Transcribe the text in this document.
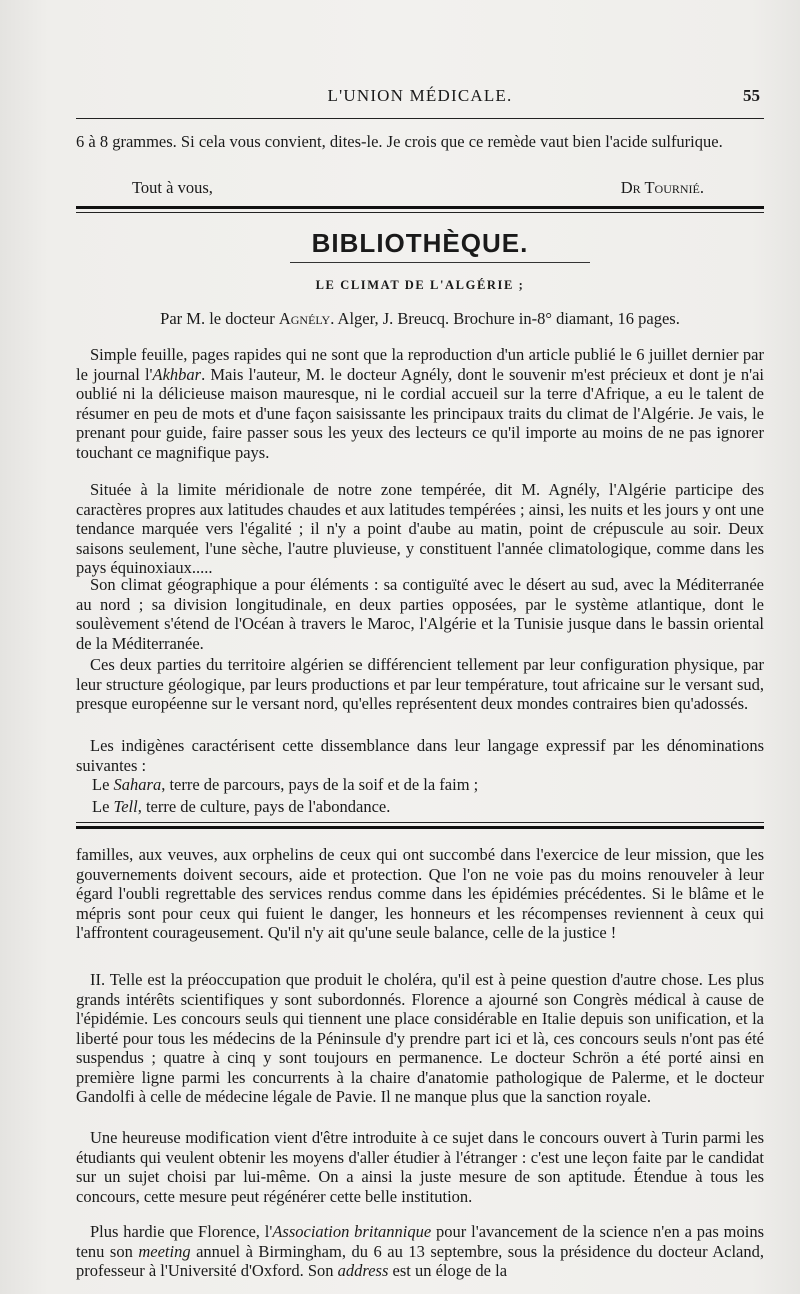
L'UNION MÉDICALE.	55

6 à 8 grammes. Si cela vous convient, dites-le. Je crois que ce remède vaut bien l'acide sulfurique.

Tout à vous,	Dr Tournié.
BIBLIOTHÈQUE.
LE CLIMAT DE L'ALGÉRIE ;
Par M. le docteur Agnély. Alger, J. Breucq. Brochure in-8° diamant, 16 pages.

Simple feuille, pages rapides qui ne sont que la reproduction d'un article publié le 6 juillet dernier par le journal l'Akhbar. Mais l'auteur, M. le docteur Agnély, dont le souvenir m'est précieux et dont je n'ai oublié ni la délicieuse maison mauresque, ni le cordial accueil sur la terre d'Afrique, a eu le talent de résumer en peu de mots et d'une façon saisissante les principaux traits du climat de l'Algérie. Je vais, le prenant pour guide, faire passer sous les yeux des lecteurs ce qu'il importe au moins de ne pas ignorer touchant ce magnifique pays.

Située à la limite méridionale de notre zone tempérée, dit M. Agnély, l'Algérie participe des caractères propres aux latitudes chaudes et aux latitudes tempérées ; ainsi, les nuits et les jours y ont une tendance marquée vers l'égalité ; il n'y a point d'aube au matin, point de crépuscule au soir. Deux saisons seulement, l'une sèche, l'autre pluvieuse, y constituent l'année climatologique, comme dans les pays équinoxiaux.....

Son climat géographique a pour éléments : sa contiguïté avec le désert au sud, avec la Méditerranée au nord ; sa division longitudinale, en deux parties opposées, par le système atlantique, dont le soulèvement s'étend de l'Océan à travers le Maroc, l'Algérie et la Tunisie jusque dans le bassin oriental de la Méditerranée.

Ces deux parties du territoire algérien se différencient tellement par leur configuration physique, par leur structure géologique, par leurs productions et par leur température, tout africaine sur le versant sud, presque européenne sur le versant nord, qu'elles représentent deux mondes contraires bien qu'adossés.

Les indigènes caractérisent cette dissemblance dans leur langage expressif par les dénominations suivantes :

Le Sahara, terre de parcours, pays de la soif et de la faim ;
Le Tell, terre de culture, pays de l'abondance.

familles, aux veuves, aux orphelins de ceux qui ont succombé dans l'exercice de leur mission, que les gouvernements doivent secours, aide et protection. Que l'on ne voie pas du moins renouveler à leur égard l'oubli regrettable des services rendus comme dans les épidémies précédentes. Si le blâme et le mépris sont pour ceux qui fuient le danger, les honneurs et les récompenses reviennent à ceux qui l'affrontent courageusement. Qu'il n'y ait qu'une seule balance, celle de la justice !

II. Telle est la préoccupation que produit le choléra, qu'il est à peine question d'autre chose. Les plus grands intérêts scientifiques y sont subordonnés. Florence a ajourné son Congrès médical à cause de l'épidémie. Les concours seuls qui tiennent une place considérable en Italie depuis son unification, et la liberté pour tous les médecins de la Péninsule d'y prendre part ici et là, ces concours seuls n'ont pas été suspendus ; quatre à cinq y sont toujours en permanence. Le docteur Schrön a été porté ainsi en première ligne parmi les concurrents à la chaire d'anatomie pathologique de Palerme, et le docteur Gandolfi à celle de médecine légale de Pavie. Il ne manque plus que la sanction royale.

Une heureuse modification vient d'être introduite à ce sujet dans le concours ouvert à Turin parmi les étudiants qui veulent obtenir les moyens d'aller étudier à l'étranger : c'est une leçon faite par le candidat sur un sujet choisi par lui-même. On a ainsi la juste mesure de son aptitude. Étendue à tous les concours, cette mesure peut régénérer cette belle institution.

Plus hardie que Florence, l'Association britannique pour l'avancement de la science n'en a pas moins tenu son meeting annuel à Birmingham, du 6 au 13 septembre, sous la présidence du docteur Acland, professeur à l'Université d'Oxford. Son address est un éloge de la
